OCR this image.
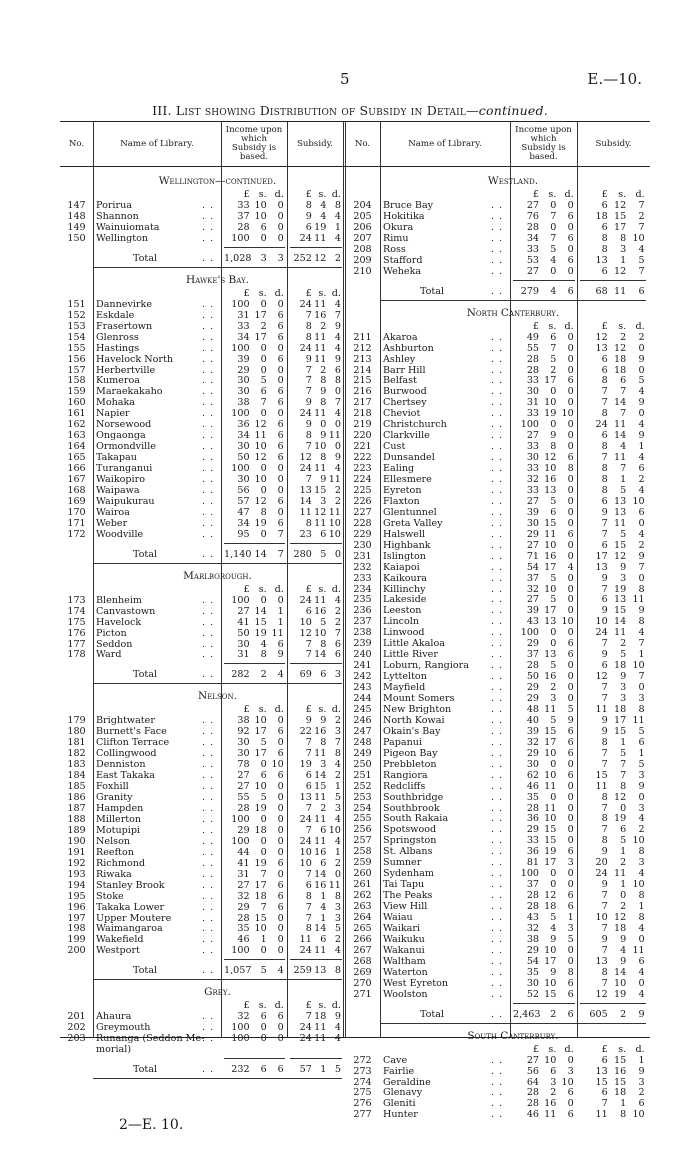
5	E.—10.
III. List showing Distribution of Subsidy in Detail—continued.
No.	Name of Library.
Income upon which Subsidy is based.
Subsidy.	No.	Name of Library.
Income upon which Subsidy is based.
Subsidy.
Wellington—continued.
£ s. d.	£ s. d.
147	Porirua	. .	33 10 0	8 4 8
148	Shannon	. .	37 10 0	9 4 4
149	Wainuiomata	. .	28 6 0	6 19 1
150	Wellington	. .	100 0 0	24 11 4
Total	. . 1,028 3 3	252 12 2
Hawke's Bay.
£ s. d.	£ s. d.
151	Dannevirke	. .	100 0 0	24 11 4
152	Eskdale	. .	31 17 6	7 16 7
153	Frasertown	. .	33 2 6	8 2 9
154	Glenross	. .	34 17 6	8 11 4
155	Hastings	. .	100 0 0	24 11 4
156	Havelock North	. .	39 0 6	9 11 9
157	Herbertville	. .	29 0 0	7 2 6
158	Kumeroa	. .	30 5 0	7 8 8
159	Maraekakaho	. .	30 6 6	7 9 0
160	Mohaka	. .	38 7 6	9 8 7
161	Napier	. .	100 0 0	24 11 4
162	Norsewood	. .	36 12 6	9 0 0
163	Ongaonga	. .	34 11 6	8 9 11
164	Ormondville	. .	30 10 6	7 10 0
165	Takapau	. .	50 12 6	12 8 9
166	Turanganui	. .	100 0 0	24 11 4
167	Waikopiro	. .	30 10 0	7 9 11
168	Waipawa	. .	56 0 0	13 15 2
169	Waipukurau	. .	57 12 6	14 3 2
170	Wairoa	. .	47 8 0	11 12 11
171	Weber	. .	34 19 6	8 11 10
172	Woodville	. .	95 0 7	23 6 10
Total	. . 1,140 14 7	280 5 0
Marlborough.
£ s. d.	£ s. d.
173	Blenheim	. .	100 0 0	24 11 4
174	Canvastown	. .	27 14 1	6 16 2
175	Havelock	. .	41 15 1	10 5 2
176	Picton	. .	50 19 11	12 10 7
177	Seddon	. .	30 4 6	7 8 6
178	Ward	. .	31 8 9	7 14 6
Total	. .	282 2 4	69 6 3
Nelson.
£ s. d.	£ s. d.
179	Brightwater	. .	38 10 0	9 9 2
180	Burnett's Face	. .	92 17 6	22 16 3
181	Clifton Terrace	. .	30 5 0	7 8 7
182	Collingwood	. .	30 17 6	7 11 8
183	Denniston	. .	78 0 10	19 3 4
184	East Takaka	. .	27 6 6	6 14 2
185	Foxhill	. .	27 10 0	6 15 1
186	Granity	. .	55 5 0	13 11 5
187	Hampden	. .	28 19 0	7 2 3
188	Millerton	. .	100 0 0	24 11 4
189	Motupipi	. .	29 18 0	7 6 10
190	Nelson	. .	100 0 0	24 11 4
191	Reefton	. .	44 0 0	10 16 1
192	Richmond	. .	41 19 6	10 6 2
193	Riwaka	. .	31 7 0	7 14 0
194	Stanley Brook	. .	27 17 6	6 16 11
195	Stoke	. .	32 18 6	8 1 8
196	Takaka Lower	. .	29 7 6	7 4 3
197	Upper Moutere	. .	28 15 0	7 1 3
198	Waimangaroa	. .	35 10 0	8 14 5
199	Wakefield	. .	46 1 0	11 6 2
200	Westport	. .	100 0 0	24 11 4
Total	. . 1,057 5 4	259 13 8
Grey.
£ s. d.	£ s. d.
201	Ahaura	. .	32 6 6	7 18 9
202	Greymouth	. .	100 0 0	24 11 4
203	Runanga (Seddon Me-
. .	100 0 0	24 11 4
morial)
Total	. .	232 6 6	57 1 5
Westland.
£ s. d.	£ s. d.
204	Bruce Bay	. .	27 0 0	6 12 7
205	Hokitika	. .	76 7 6	18 15 2
206	Okura	. .	28 0 0	6 17 7
207	Rimu	. .	34 7 6	8 8 10
208	Ross	. .	33 5 0	8 3 4
209	Stafford	. .	53 4 6	13 1 5
210	Weheka	. .	27 0 0	6 12 7
Total	. .	279 4 6	68 11 6
North Canterbury.
£ s. d.	£ s. d.
211	Akaroa	. .	49 6 0	12 2 2
212	Ashburton	. .	55 7 0	13 12 0
213	Ashley	. .	28 5 0	6 18 9
214	Barr Hill	. .	28 2 0	6 18 0
215	Belfast	. .	33 17 6	8 6 5
216	Burwood	. .	30 0 0	7 7 4
217	Chertsey	. .	31 10 0	7 14 9
218	Cheviot	. .	33 19 10	8 7 0
219	Christchurch	. .	100 0 0	24 11 4
220	Clarkville	. .	27 9 0	6 14 9
221	Cust	. .	33 8 0	8 4 1
222	Dunsandel	. .	30 12 6	7 11 4
223	Ealing	. .	33 10 8	8 7 6
224	Ellesmere	. .	32 16 0	8 1 2
225	Eyreton	. .	33 13 0	8 5 4
226	Flaxton	. .	27 5 0	6 13 10
227	Glentunnel	. .	39 6 0	9 13 6
228	Greta Valley	. .	30 15 0	7 11 0
229	Halswell	. .	29 11 6	7 5 4
230	Highbank	. .	27 10 0	6 15 2
231	Islington	. .	71 16 0	17 12 9
232	Kaiapoi	. .	54 17 4	13 9 7
233	Kaikoura	. .	37 5 0	9 3 0
234	Killinchy	. .	32 10 0	7 19 8
235	Lakeside	. .	27 5 0	6 13 11
236	Leeston	. .	39 17 0	9 15 9
237	Lincoln	. .	43 13 10	10 14 8
238	Linwood	. .	100 0 0	24 11 4
239	Little Akaloa	. .	29 0 6	7 2 7
240	Little River	. .	37 13 6	9 5 1
241	Loburn, Rangiora . .	28 5 0	6 18 10
242	Lyttelton	. .	50 16 0	12 9 7
243	Mayfield	. .	29 2 0	7 3 0
244	Mount Somers	. .	29 3 0	7 3 3
245	New Brighton	. .	48 11 5	11 18 8
246	North Kowai	. .	40 5 9	9 17 11
247	Okain's Bay	. .	39 15 6	9 15 5
248	Papanui	. .	32 17 6	8 1 6
249	Pigeon Bay	. .	29 10 6	7 5 1
250	Prebbleton	. .	30 0 0	7 7 5
251	Rangiora	. .	62 10 6	15 7 3
252	Redcliffs	. .	46 11 0	11 8 9
253	Southbridge	. .	35 0 0	8 12 0
254	Southbrook	. .	28 11 0	7 0 3
255	South Rakaia	. .	36 10 0	8 19 4
256	Spotswood	. .	29 15 0	7 6 2
257	Springston	. .	33 15 0	8 5 10
258	St. Albans	. .	36 19 6	9 1 8
259	Sumner	. .	81 17 3	20 2 3
260	Sydenham	. .	100 0 0	24 11 4
261	Tai Tapu	. .	37 0 0	9 1 10
262	The Peaks	. .	28 12 6	7 0 8
263	View Hill	. .	28 18 6	7 2 1
264	Waiau	. .	43 5 1	10 12 8
265	Waikari	. .	32 4 3	7 18 4
266	Waikuku	. .	38 9 5	9 9 0
267	Wakanui	. .	29 10 0	7 4 11
268	Waltham	. .	54 17 0	13 9 6
269	Waterton	. .	35 9 8	8 14 4
270	West Eyreton	. .	30 10 6	7 10 0
271	Woolston	. .	52 15 6	12 19 4
Total	. . 2,463 2 6	605 2 9
South Canterbury.
£ s. d.	£ s. d.
272	Cave	. .	27 10 0	6 15 1
273	Fairlie	. .	56 6 3	13 16 9
274	Geraldine	. .	64 3 10	15 15 3
275	Glenavy	. .	28 2 6	6 18 2
276	Gleniti	. .	28 16 0	7 1 6
277	Hunter	. .	46 11 6	11 8 10
2—E. 10.
